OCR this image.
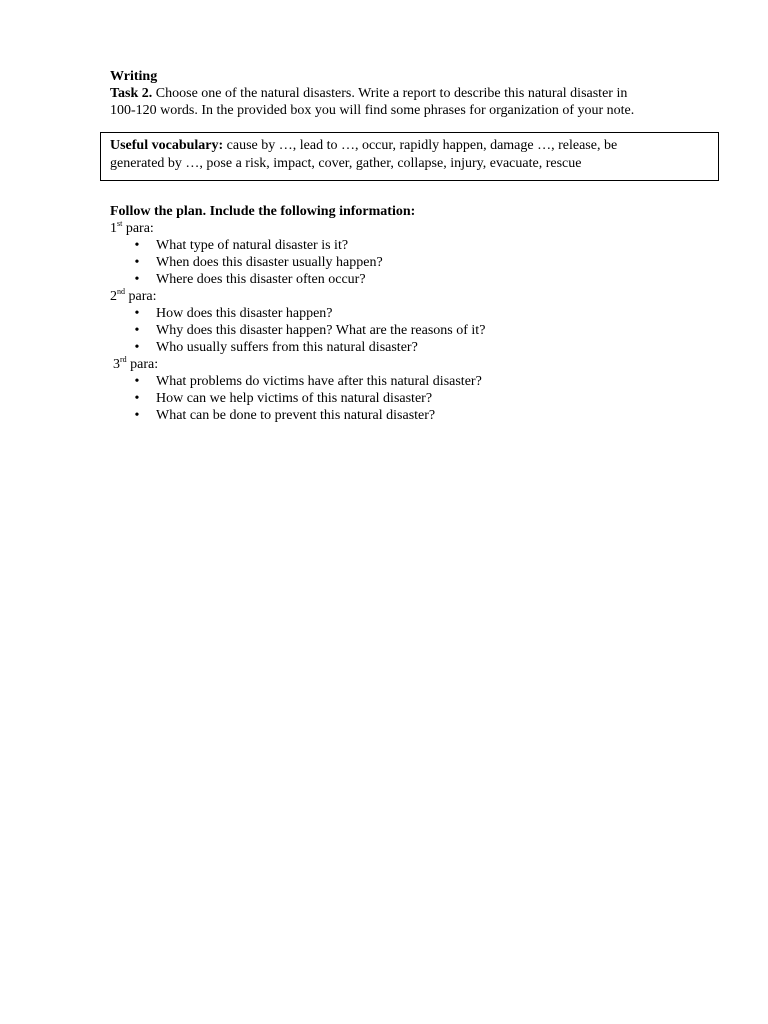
Writing
Task 2. Choose one of the natural disasters. Write a report to describe this natural disaster in
100-120 words. In the provided box you will find some phrases for organization of your note.
Useful vocabulary: cause by …, lead to …, occur, rapidly happen, damage …, release, be
generated by …, pose a risk, impact, cover, gather, collapse, injury, evacuate, rescue
Follow the plan. Include the following information:
1st para:
• What type of natural disaster is it?
• When does this disaster usually happen?
• Where does this disaster often occur?
2nd para:
• How does this disaster happen?
• Why does this disaster happen? What are the reasons of it?
• Who usually suffers from this natural disaster?
3rd para:
• What problems do victims have after this natural disaster?
• How can we help victims of this natural disaster?
• What can be done to prevent this natural disaster?
